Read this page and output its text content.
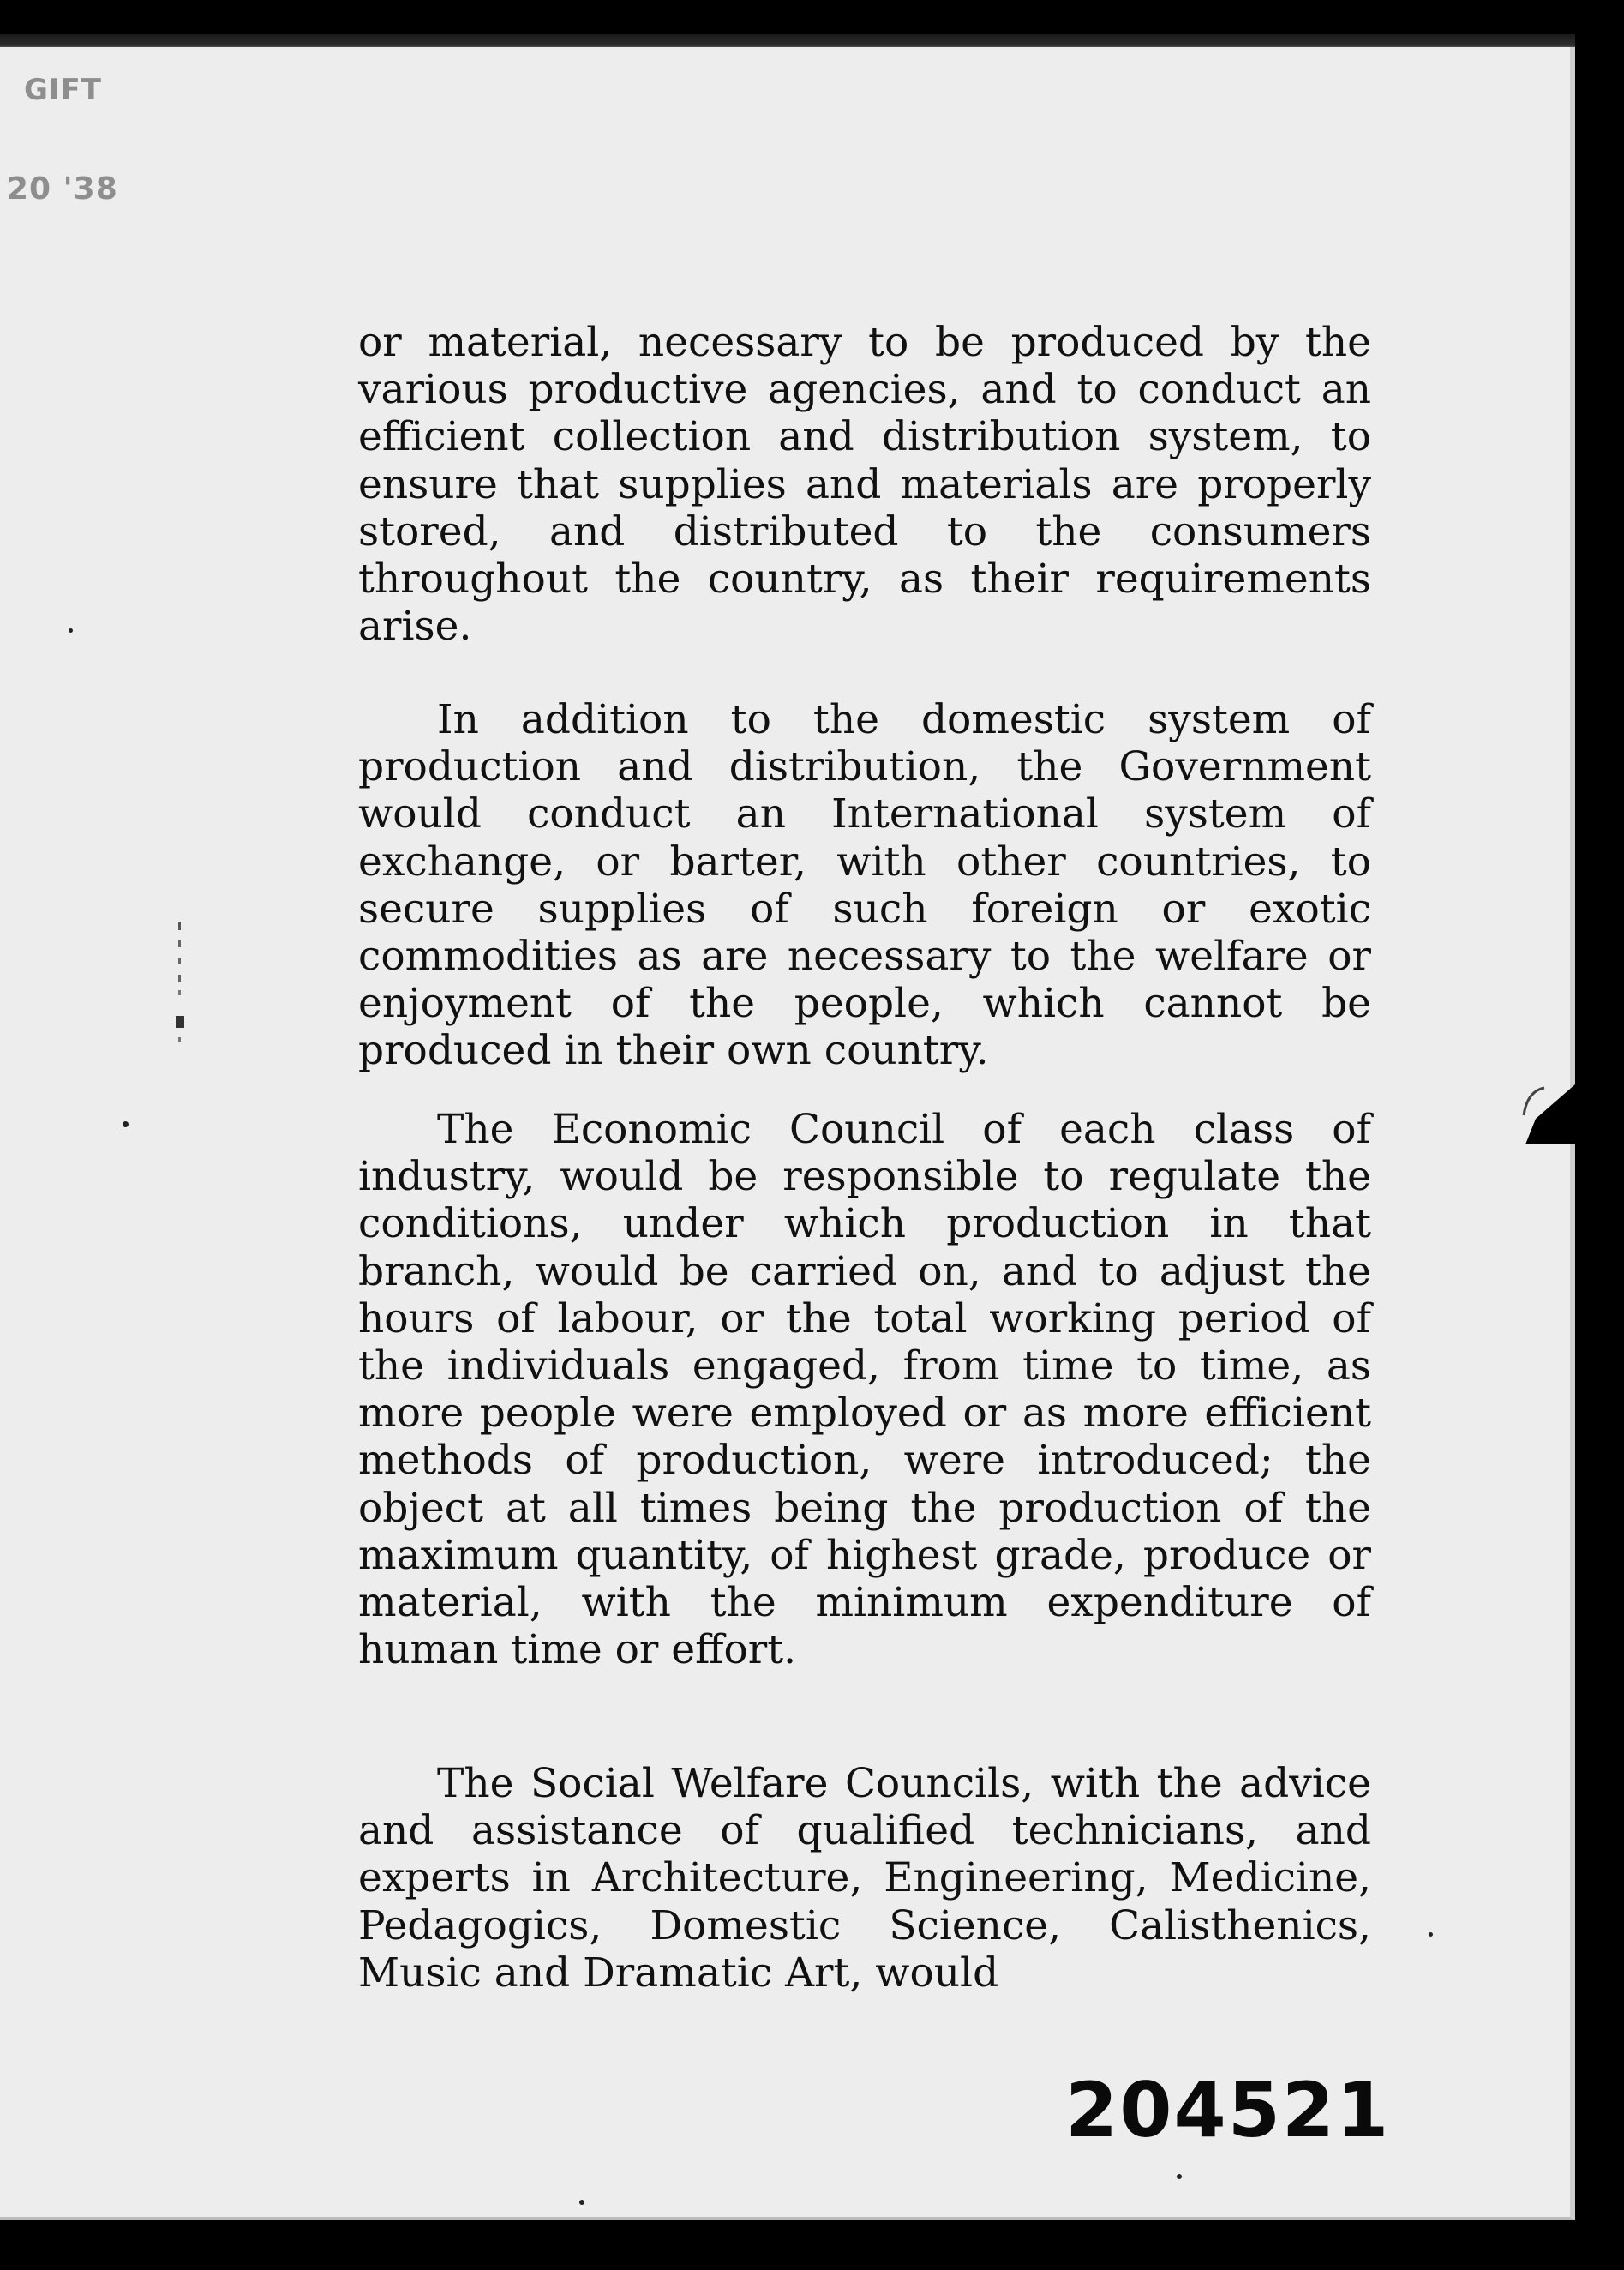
GIFT
20 '38

or material, necessary to be produced by the various productive agencies, and to conduct an efficient collection and distribution system, to ensure that supplies and materials are properly stored, and distributed to the consumers throughout the country, as their requirements arise.

In addition to the domestic system of production and distribution, the Government would conduct an International system of exchange, or barter, with other countries, to secure supplies of such foreign or exotic commodities as are necessary to the welfare or enjoyment of the people, which cannot be produced in their own country.

The Economic Council of each class of industry, would be responsible to regulate the conditions, under which production in that branch, would be carried on, and to adjust the hours of labour, or the total working period of the individuals engaged, from time to time, as more people were employed or as more efficient methods of production, were introduced; the object at all times being the production of the maximum quantity, of highest grade, produce or material, with the minimum expenditure of human time or effort.

The Social Welfare Councils, with the advice and assistance of qualified technicians, and experts in Architecture, Engineering, Medicine, Pedagogics, Domestic Science, Calisthenics, Music and Dramatic Art, would

204521
